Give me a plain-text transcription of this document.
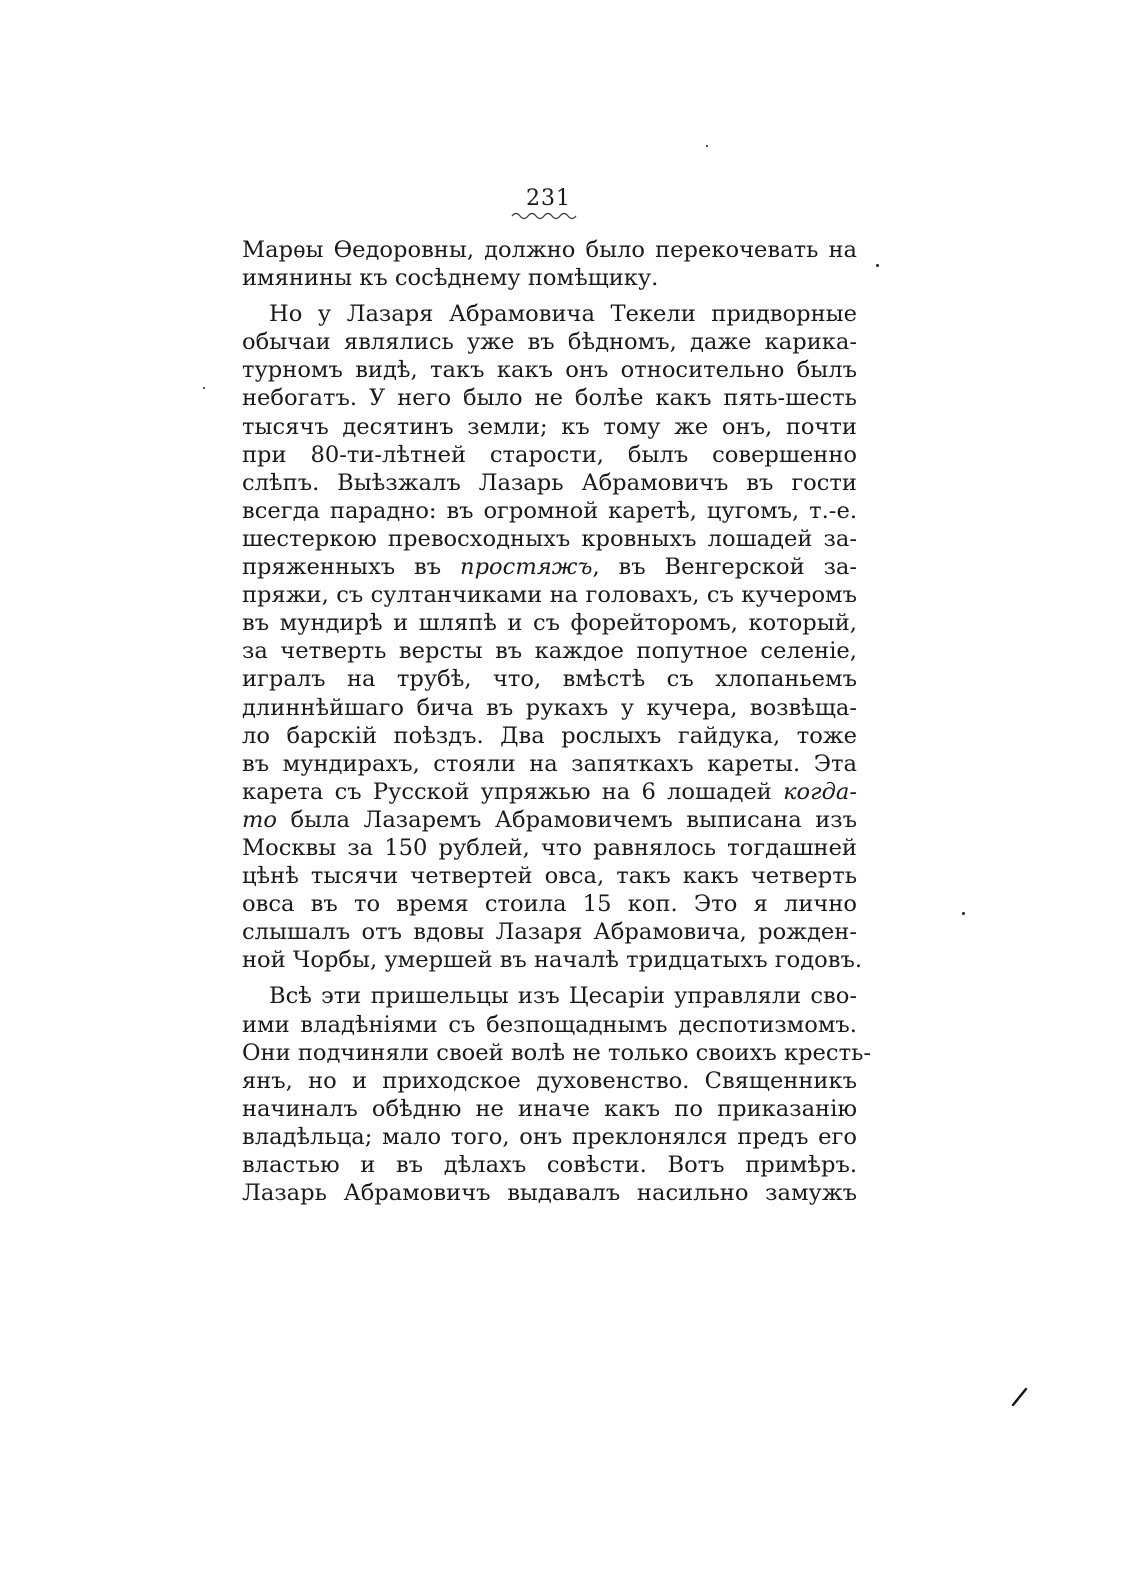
231
Марѳы Ѳедоровны, должно было перекочевать на
имянины къ сосѣднему помѣщику.
Но у Лазаря Абрамовича Текели придворные
обычаи являлись уже въ бѣдномъ, даже карика-
турномъ видѣ, такъ какъ онъ относительно былъ
небогатъ. У него было не болѣе какъ пять-шесть
тысячъ десятинъ земли; къ тому же онъ, почти
при 80-ти-лѣтней старости, былъ совершенно
слѣпъ. Выѣзжалъ Лазарь Абрамовичъ въ гости
всегда парадно: въ огромной каретѣ, цугомъ, т.-е.
шестеркою превосходныхъ кровныхъ лошадей за-
пряженныхъ въ простяжъ, въ Венгерской за-
пряжи, съ султанчиками на головахъ, съ кучеромъ
въ мундирѣ и шляпѣ и съ форейторомъ, который,
за четверть версты въ каждое попутное селеніе,
игралъ на трубѣ, что, вмѣстѣ съ хлопаньемъ
длиннѣйшаго бича въ рукахъ у кучера, возвѣща-
ло барскій поѣздъ. Два рослыхъ гайдука, тоже
въ мундирахъ, стояли на запяткахъ кареты. Эта
карета съ Русской упряжью на 6 лошадей когда-
то была Лазаремъ Абрамовичемъ выписана изъ
Москвы за 150 рублей, что равнялось тогдашней
цѣнѣ тысячи четвертей овса, такъ какъ четверть
овса въ то время стоила 15 коп. Это я лично
слышалъ отъ вдовы Лазаря Абрамовича, рожден-
ной Чорбы, умершей въ началѣ тридцатыхъ годовъ.
Всѣ эти пришельцы изъ Цесаріи управляли сво-
ими владѣніями съ безпощаднымъ деспотизмомъ.
Они подчиняли своей волѣ не только своихъ кресть-
янъ, но и приходское духовенство. Священникъ
начиналъ обѣдню не иначе какъ по приказанію
владѣльца; мало того, онъ преклонялся предъ его
властью и въ дѣлахъ совѣсти. Вотъ примѣръ.
Лазарь Абрамовичъ выдавалъ насильно замужъ
